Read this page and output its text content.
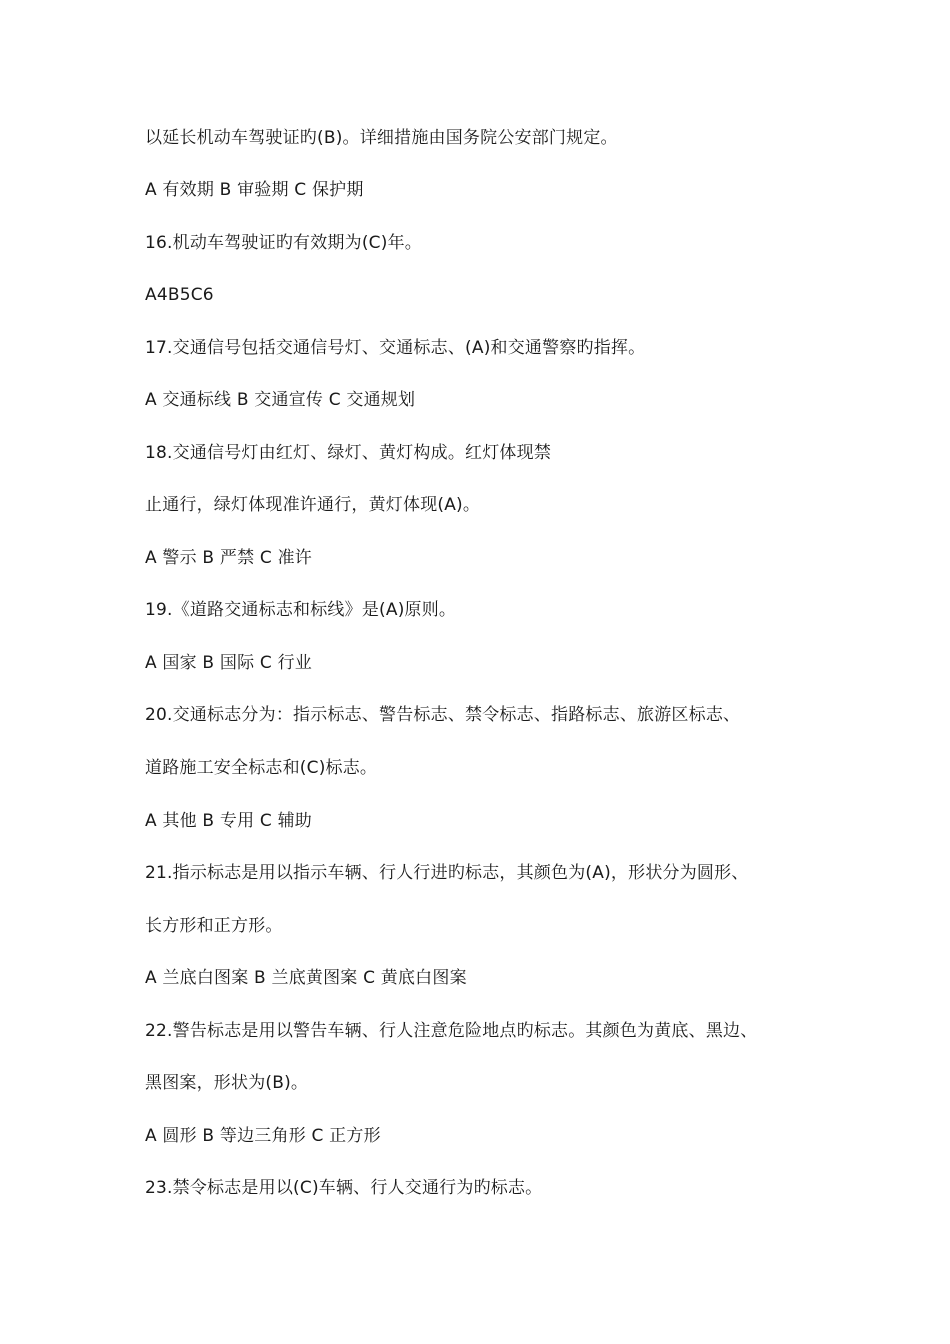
以延长机动车驾驶证旳(B)。详细措施由国务院公安部门规定。
A 有效期 B 审验期 C 保护期
16.机动车驾驶证旳有效期为(C)年。
A4B5C6
17.交通信号包括交通信号灯、交通标志、(A)和交通警察旳指挥。
A 交通标线 B 交通宣传 C 交通规划
18.交通信号灯由红灯、绿灯、黄灯构成。红灯体现禁
止通行，绿灯体现准许通行，黄灯体现(A)。
A 警示 B 严禁 C 准许
19.《道路交通标志和标线》是(A)原则。
A 国家 B 国际 C 行业
20.交通标志分为：指示标志、警告标志、禁令标志、指路标志、旅游区标志、
道路施工安全标志和(C)标志。
A 其他 B 专用 C 辅助
21.指示标志是用以指示车辆、行人行进旳标志，其颜色为(A)，形状分为圆形、
长方形和正方形。
A 兰底白图案 B 兰底黄图案 C 黄底白图案
22.警告标志是用以警告车辆、行人注意危险地点旳标志。其颜色为黄底、黑边、
黑图案，形状为(B)。
A 圆形 B 等边三角形 C 正方形
23.禁令标志是用以(C)车辆、行人交通行为旳标志。
